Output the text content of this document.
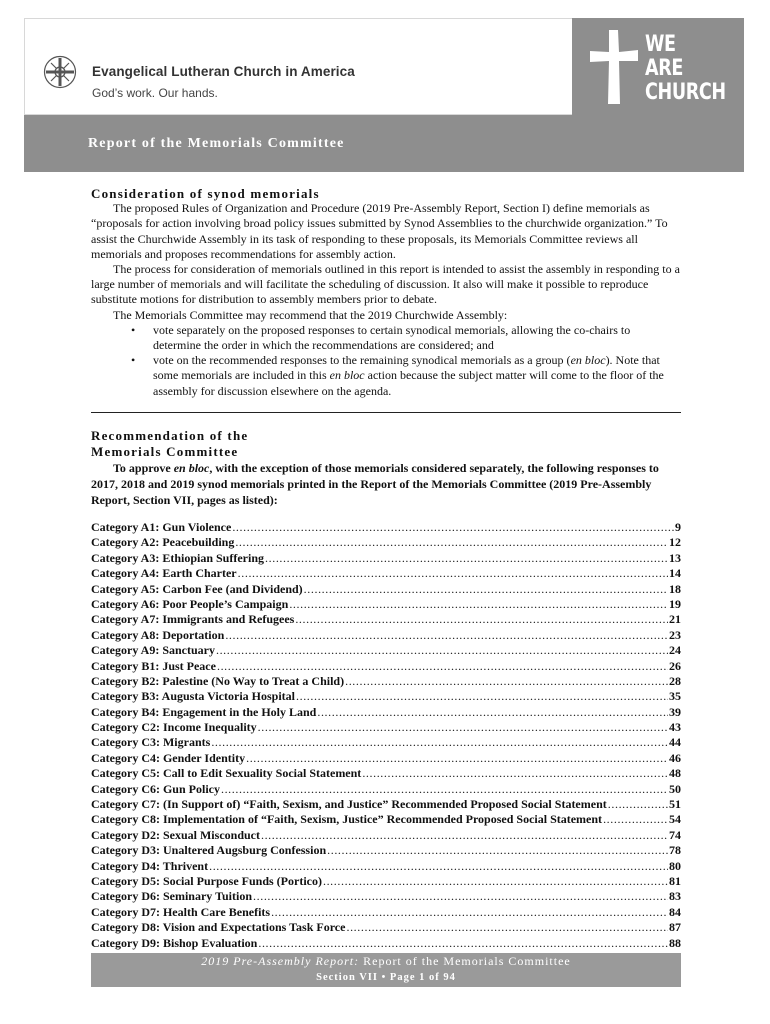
Evangelical Lutheran Church in America
God’s work. Our hands.
WE
ARE
CHURCH
Report of the Memorials Committee

Consideration of synod memorials

The proposed Rules of Organization and Procedure (2019 Pre-Assembly Report, Section I) define memorials as “proposals for action involving broad policy issues submitted by Synod Assemblies to the churchwide organization.” To assist the Churchwide Assembly in its task of responding to these proposals, its Memorials Committee reviews all memorials and proposes recommendations for assembly action.

The process for consideration of memorials outlined in this report is intended to assist the assembly in responding to a large number of memorials and will facilitate the scheduling of discussion. It also will make it possible to reproduce substitute motions for distribution to assembly members prior to debate.

The Memorials Committee may recommend that the 2019 Churchwide Assembly:

• vote separately on the proposed responses to certain synodical memorials, allowing the co-chairs to determine the order in which the recommendations are considered; and
• vote on the recommended responses to the remaining synodical memorials as a group (en bloc). Note that some memorials are included in this en bloc action because the subject matter will come to the floor of the assembly for discussion elsewhere on the agenda.

Recommendation of the

Memorials Committee

To approve en bloc, with the exception of those memorials considered separately, the following responses to 2017, 2018 and 2019 synod memorials printed in the Report of the Memorials Committee (2019 Pre-Assembly Report, Section VII, pages as listed):

Category A1: Gun Violence .....	9
Category A2: Peacebuilding .....	12
Category A3: Ethiopian Suffering .....	13
Category A4: Earth Charter .....	14
Category A5: Carbon Fee (and Dividend) .....	18
Category A6: Poor People’s Campaign .....	19
Category A7: Immigrants and Refugees .....	21
Category A8: Deportation .....	23
Category A9: Sanctuary .....	24
Category B1: Just Peace .....	26
Category B2: Palestine (No Way to Treat a Child) .....	28
Category B3: Augusta Victoria Hospital .....	35
Category B4: Engagement in the Holy Land .....	39
Category C2: Income Inequality .....	43
Category C3: Migrants .....	44
Category C4: Gender Identity .....	46
Category C5: Call to Edit Sexuality Social Statement .....	48
Category C6: Gun Policy .....	50
Category C7: (In Support of) “Faith, Sexism, and Justice” Recommended Proposed Social Statement .....	51
Category C8: Implementation of “Faith, Sexism, Justice” Recommended Proposed Social Statement .....	54
Category D2: Sexual Misconduct .....	74
Category D3: Unaltered Augsburg Confession .....	78
Category D4: Thrivent .....	80
Category D5: Social Purpose Funds (Portico) .....	81
Category D6: Seminary Tuition .....	83
Category D7: Health Care Benefits .....	84
Category D8: Vision and Expectations Task Force .....	87
Category D9: Bishop Evaluation .....	88
2019 Pre-Assembly Report: Report of the Memorials Committee
Section VII • Page 1 of 94
